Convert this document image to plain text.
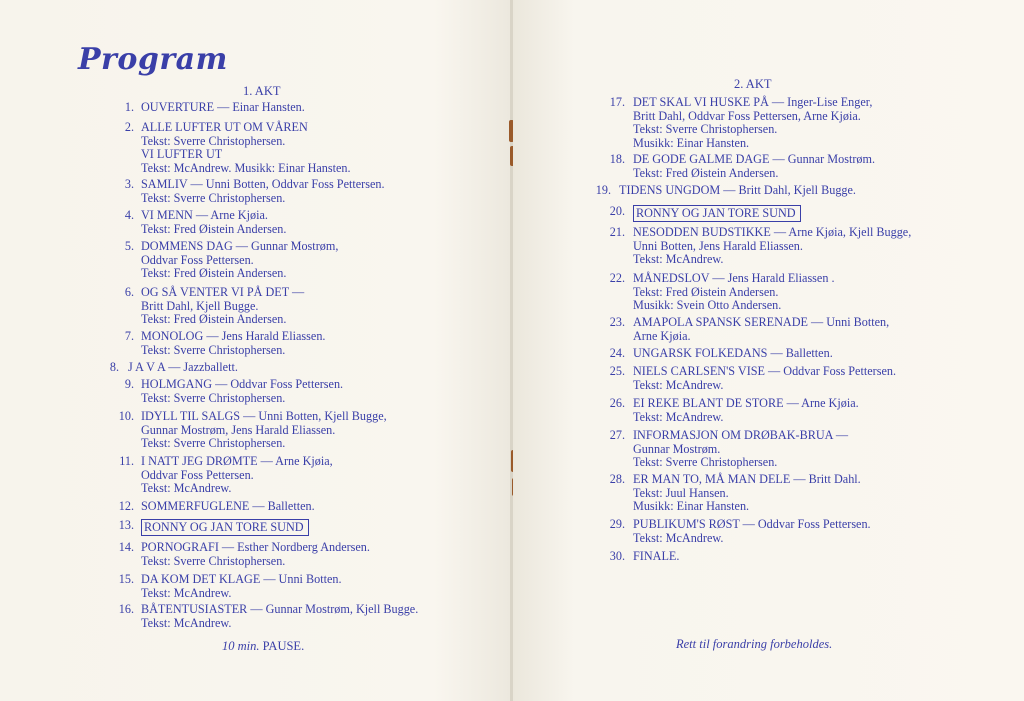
Program
1. AKT
1. OUVERTURE — Einar Hansten.
2. ALLE LUFTER UT OM VÅREN
Tekst: Sverre Christophersen.
VI LUFTER UT
Tekst: McAndrew. Musikk: Einar Hansten.
3. SAMLIV — Unni Botten, Oddvar Foss Pettersen.
Tekst: Sverre Christophersen.
4. VI MENN — Arne Kjøia.
Tekst: Fred Øistein Andersen.
5. DOMMENS DAG — Gunnar Mostrøm,
Oddvar Foss Pettersen.
Tekst: Fred Øistein Andersen.
6. OG SÅ VENTER VI PÅ DET —
Britt Dahl, Kjell Bugge.
Tekst: Fred Øistein Andersen.
7. MONOLOG — Jens Harald Eliassen.
Tekst: Sverre Christophersen.
8. J A V A — Jazzballett.
9. HOLMGANG — Oddvar Foss Pettersen.
Tekst: Sverre Christophersen.
10. IDYLL TIL SALGS — Unni Botten, Kjell Bugge,
Gunnar Mostrøm, Jens Harald Eliassen.
Tekst: Sverre Christophersen.
11. I NATT JEG DRØMTE — Arne Kjøia,
Oddvar Foss Pettersen.
Tekst: McAndrew.
12. SOMMERFUGLENE — Balletten.
13. RONNY OG JAN TORE SUND
14. PORNOGRAFI — Esther Nordberg Andersen.
Tekst: Sverre Christophersen.
15. DA KOM DET KLAGE — Unni Botten.
Tekst: McAndrew.
16. BÅTENTUSIASTER — Gunnar Mostrøm, Kjell Bugge.
Tekst: McAndrew.
10 min. PAUSE.
2. AKT
17. DET SKAL VI HUSKE PÅ — Inger-Lise Enger,
Britt Dahl, Oddvar Foss Pettersen, Arne Kjøia.
Tekst: Sverre Christophersen.
Musikk: Einar Hansten.
18. DE GODE GALME DAGE — Gunnar Mostrøm.
Tekst: Fred Øistein Andersen.
19. TIDENS UNGDOM — Britt Dahl, Kjell Bugge.
20. RONNY OG JAN TORE SUND
21. NESODDEN BUDSTIKKE — Arne Kjøia, Kjell Bugge,
Unni Botten, Jens Harald Eliassen.
Tekst: McAndrew.
22. MÅNEDSLOV — Jens Harald Eliassen .
Tekst: Fred Øistein Andersen.
Musikk: Svein Otto Andersen.
23. AMAPOLA SPANSK SERENADE — Unni Botten,
Arne Kjøia.
24. UNGARSK FOLKEDANS — Balletten.
25. NIELS CARLSEN'S VISE — Oddvar Foss Pettersen.
Tekst: McAndrew.
26. EI REKE BLANT DE STORE — Arne Kjøia.
Tekst: McAndrew.
27. INFORMASJON OM DRØBAK-BRUA —
Gunnar Mostrøm.
Tekst: Sverre Christophersen.
28. ER MAN TO, MÅ MAN DELE — Britt Dahl.
Tekst: Juul Hansen.
Musikk: Einar Hansten.
29. PUBLIKUM'S RØST — Oddvar Foss Pettersen.
Tekst: McAndrew.
30. FINALE.
Rett til forandring forbeholdes.
